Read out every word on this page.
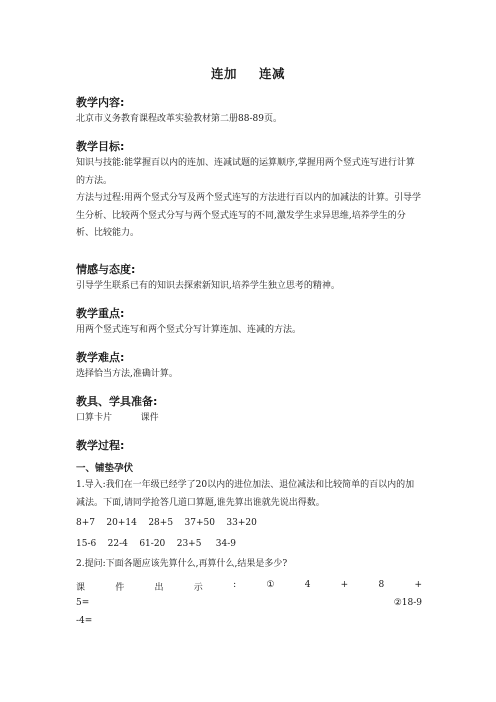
连加 连减
教学内容:

北京市义务教育课程改革实验教材第二册88-89页。

教学目标:

知识与技能:能掌握百以内的连加、连减试题的运算顺序,掌握用两个竖式连写进行计算的方法。

方法与过程:用两个竖式分写及两个竖式连写的方法进行百以内的加减法的计算。引导学生分析、比较两个竖式分写与两个竖式连写的不同,激发学生求异思维,培养学生的分析、比较能力。

情感与态度:

引导学生联系已有的知识去探索新知识,培养学生独立思考的精神。

教学重点:

用两个竖式连写和两个竖式分写计算连加、连减的方法。

教学难点:

选择恰当方法,准确计算。

教具、学具准备:

口算卡片          课件

教学过程:
一、铺垫孕伏

1.导入:我们在一年级已经学了20以内的进位加法、退位减法和比较简单的百以内的加减法。下面,请同学抢答几道口算题,谁先算出谁就先说出得数。

8+7    20+14    28+5    37+50    33+20
15-6    22-4    61-20    23+5     34-9

2.提问:下面各题应该先算什么,再算什么,结果是多少?

课	件	出	示	:	①	4	+	8	+
5=	②18-9
-4=
